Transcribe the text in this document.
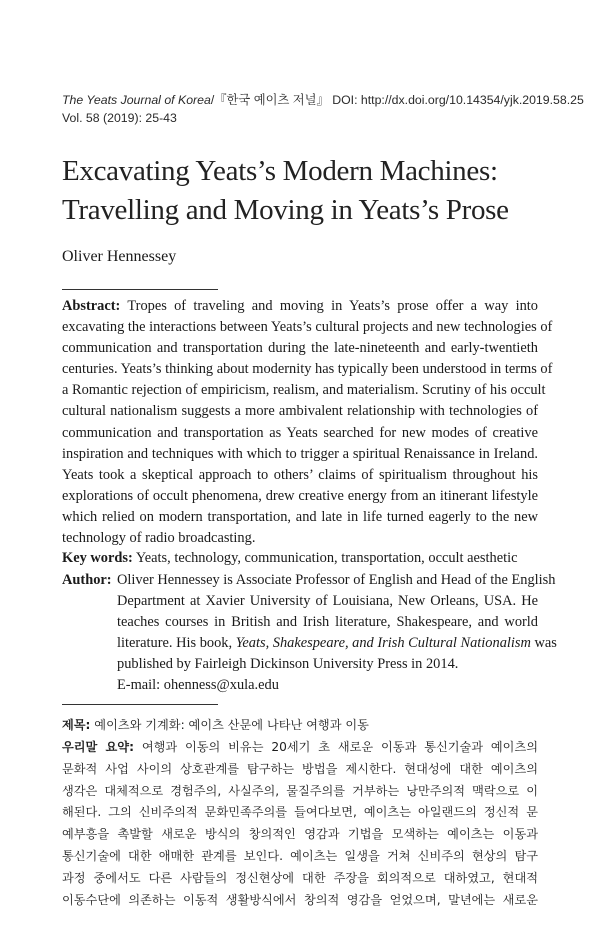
The Yeats Journal of Korea/『한국 예이츠 저널』 DOI: http://dx.doi.org/10.14354/yjk.2019.58.25
Vol. 58 (2019): 25-43
Excavating Yeats’s Modern Machines:
Travelling and Moving in Yeats’s Prose
Oliver Hennessey
Abstract: Tropes of traveling and moving in Yeats’s prose offer a way into
excavating the interactions between Yeats’s cultural projects and new technologies of
communication and transportation during the late-nineteenth and early-twentieth
centuries. Yeats’s thinking about modernity has typically been understood in terms of
a Romantic rejection of empiricism, realism, and materialism. Scrutiny of his occult
cultural nationalism suggests a more ambivalent relationship with technologies of
communication and transportation as Yeats searched for new modes of creative
inspiration and techniques with which to trigger a spiritual Renaissance in Ireland.
Yeats took a skeptical approach to others’ claims of spiritualism throughout his
explorations of occult phenomena, drew creative energy from an itinerant lifestyle
which relied on modern transportation, and late in life turned eagerly to the new
technology of radio broadcasting.
Key words: Yeats, technology, communication, transportation, occult aesthetic
Author: Oliver Hennessey is Associate Professor of English and Head of the English
Department at Xavier University of Louisiana, New Orleans, USA. He
teaches courses in British and Irish literature, Shakespeare, and world
literature. His book, Yeats, Shakespeare, and Irish Cultural Nationalism was
published by Fairleigh Dickinson University Press in 2014.
E-mail: ohenness@xula.edu
제목: 예이츠와 기계화: 예이츠 산문에 나타난 여행과 이동
우리말 요약: 여행과 이동의 비유는 20세기 초 새로운 이동과 통신기술과 예이츠의
문화적 사업 사이의 상호관계를 탐구하는 방법을 제시한다. 현대성에 대한 예이츠의
생각은 대체적으로 경험주의, 사실주의, 물질주의를 거부하는 낭만주의적 맥락으로 이
해된다. 그의 신비주의적 문화민족주의를 들여다보면, 예이츠는 아일랜드의 정신적 문
예부흥을 촉발할 새로운 방식의 창의적인 영감과 기법을 모색하는 예이츠는 이동과
통신기술에 대한 애매한 관계를 보인다. 예이츠는 일생을 거쳐 신비주의 현상의 탐구
과정 중에서도 다른 사람들의 정신현상에 대한 주장을 회의적으로 대하였고, 현대적
이동수단에 의존하는 이동적 생활방식에서 창의적 영감을 얻었으며, 말년에는 새로운
